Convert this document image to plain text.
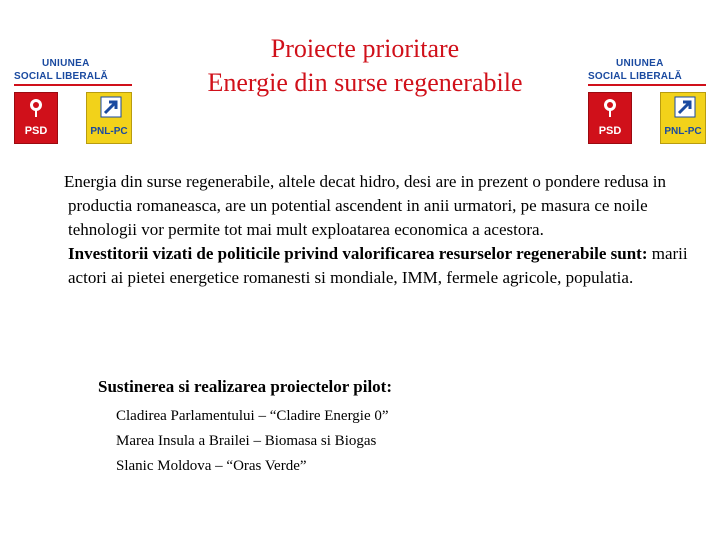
Proiecte prioritare
Energie din surse regenerabile
UNIUNEA
SOCIAL LIBERALĂ
PSD	PNL-PC
UNIUNEA
SOCIAL LIBERALĂ
PSD	PNL-PC
Energia din surse regenerabile, altele decat hidro, desi are in prezent o pondere redusa in productia romaneasca, are un potential ascendent in anii urmatori, pe masura ce noile tehnologii vor permite tot mai mult exploatarea economica a acestora.
Investitorii vizati de politicile privind valorificarea resurselor regenerabile sunt: marii actori ai pietei energetice romanesti si mondiale, IMM, fermele agricole, populatia.
Sustinerea si realizarea proiectelor pilot:
Cladirea Parlamentului – “Cladire Energie 0”
Marea Insula a Brailei – Biomasa si Biogas
Slanic Moldova – “Oras Verde”
